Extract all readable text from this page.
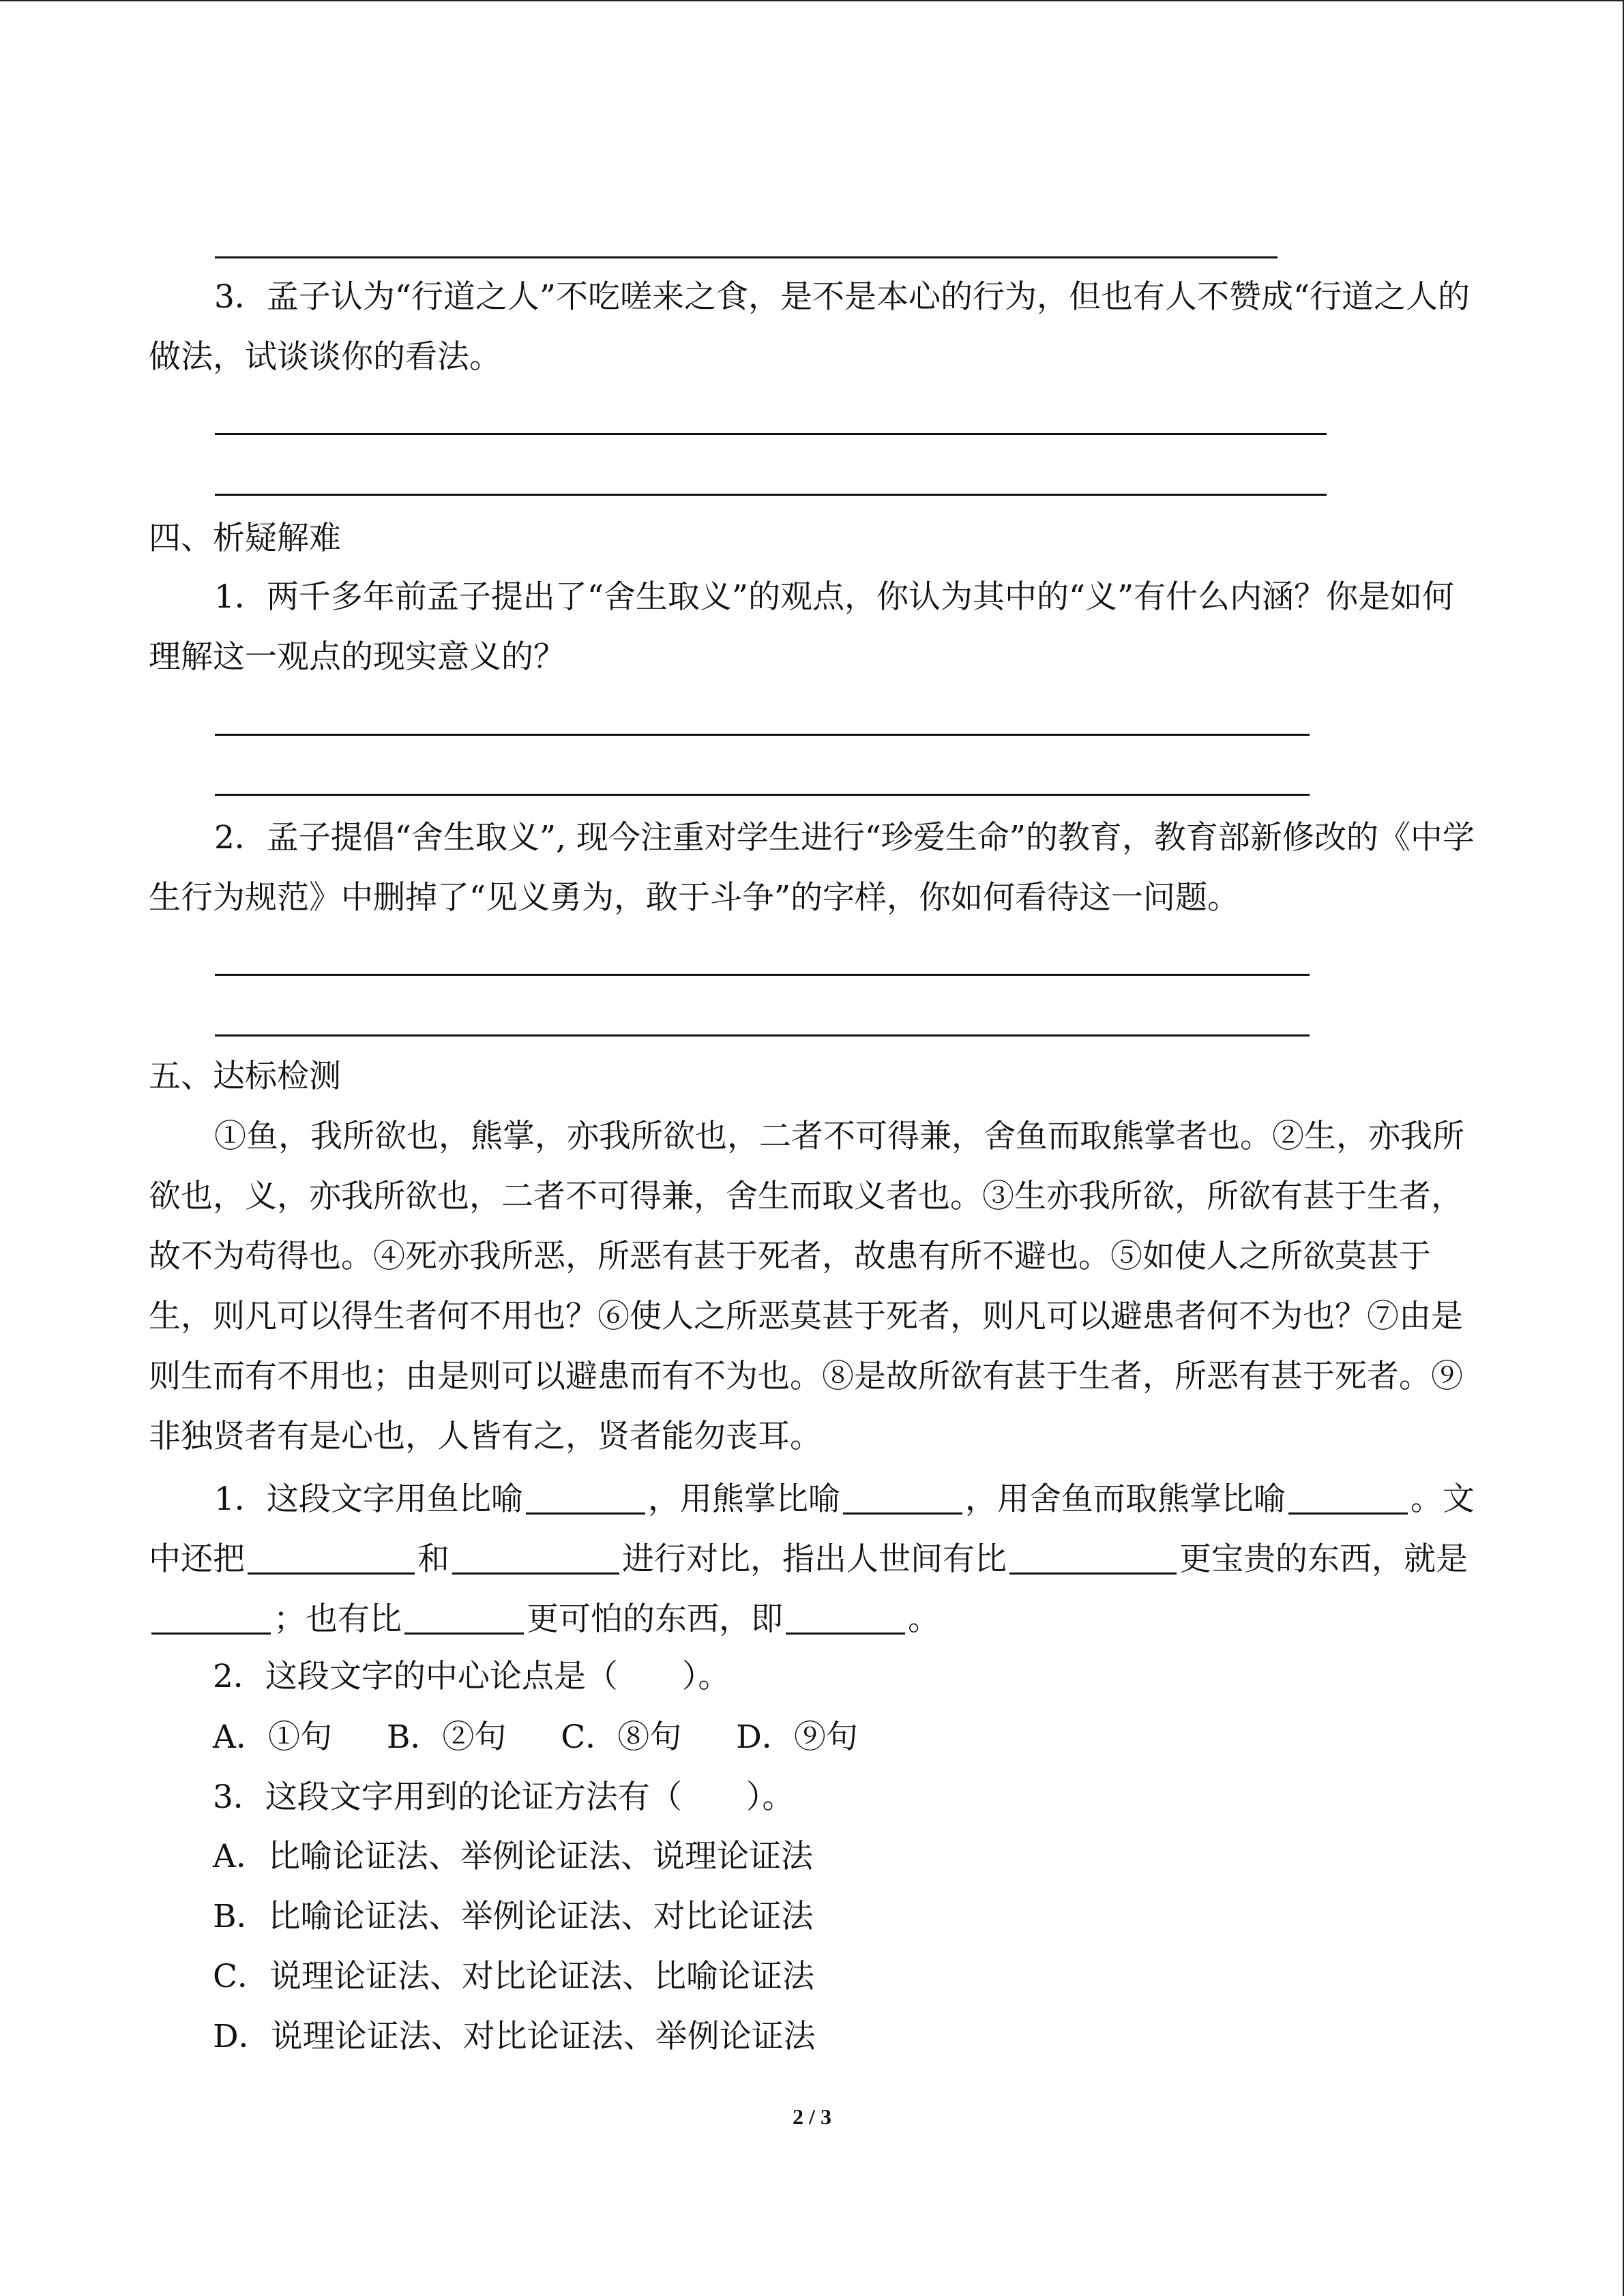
3．孟子认为“行道之人”不吃嗟来之食，是不是本心的行为，但也有人不赞成“行道之人的做法，试谈谈你的看法。

四、析疑解难

1．两千多年前孟子提出了“舍生取义”的观点，你认为其中的“义”有什么内涵？你是如何理解这一观点的现实意义的？

2．孟子提倡“舍生取义”, 现今注重对学生进行“珍爱生命”的教育，教育部新修改的《中学生行为规范》中删掉了“见义勇为，敢于斗争”的字样，你如何看待这一问题。

五、达标检测

①鱼，我所欲也，熊掌，亦我所欲也，二者不可得兼，舍鱼而取熊掌者也。②生，亦我所欲也，义，亦我所欲也，二者不可得兼，舍生而取义者也。③生亦我所欲，所欲有甚于生者，故不为苟得也。④死亦我所恶，所恶有甚于死者，故患有所不避也。⑤如使人之所欲莫甚于生，则凡可以得生者何不用也？⑥使人之所恶莫甚于死者，则凡可以避患者何不为也？⑦由是则生而有不用也；由是则可以避患而有不为也。⑧是故所欲有甚于生者，所恶有甚于死者。⑨非独贤者有是心也，人皆有之，贤者能勿丧耳。

1．这段文字用鱼比喻	，用熊掌比喻	，用舍鱼而取熊掌比喻	。文中还把	和	进行对比，指出人世间有比	更宝贵的东西，就是；也有比	更可怕的东西，即	。

2．这段文字的中心论点是（　　）。

A．①句 B．②句 C．⑧句 D．⑨句

3．这段文字用到的论证方法有（　　）。

A．比喻论证法、举例论证法、说理论证法

B．比喻论证法、举例论证法、对比论证法

C．说理论证法、对比论证法、比喻论证法

D．说理论证法、对比论证法、举例论证法

2 / 3
